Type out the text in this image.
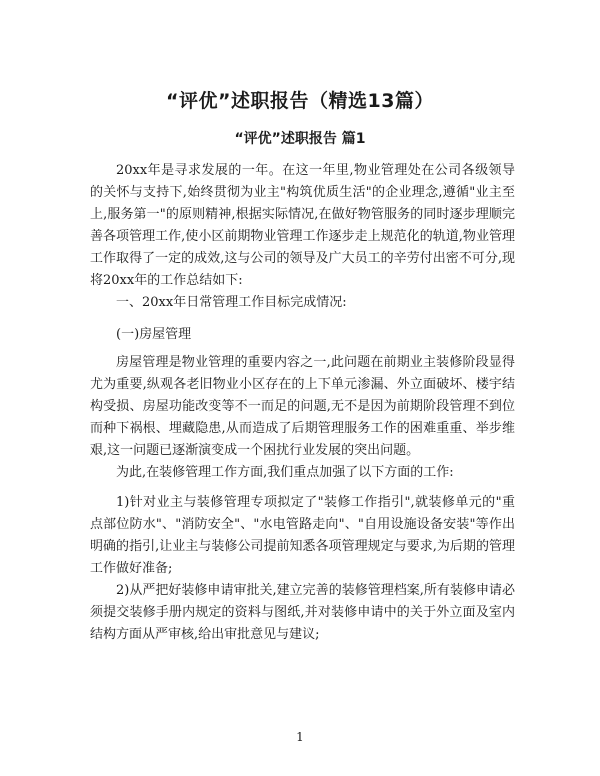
“评优”述职报告（精选13篇）
“评优”述职报告 篇1
20xx年是寻求发展的一年。在这一年里,物业管理处在公司各级领导的关怀与支持下,始终贯彻为业主"构筑优质生活"的企业理念,遵循"业主至上,服务第一"的原则精神,根据实际情况,在做好物管服务的同时逐步理顺完善各项管理工作,使小区前期物业管理工作逐步走上规范化的轨道,物业管理工作取得了一定的成效,这与公司的领导及广大员工的辛劳付出密不可分,现将20xx年的工作总结如下:
一、20xx年日常管理工作目标完成情况:
(一)房屋管理
房屋管理是物业管理的重要内容之一,此问题在前期业主装修阶段显得尤为重要,纵观各老旧物业小区存在的上下单元渗漏、外立面破坏、楼宇结构受损、房屋功能改变等不一而足的问题,无不是因为前期阶段管理不到位而种下祸根、埋藏隐患,从而造成了后期管理服务工作的困难重重、举步维艰,这一问题已逐渐演变成一个困扰行业发展的突出问题。
为此,在装修管理工作方面,我们重点加强了以下方面的工作:
1)针对业主与装修管理专项拟定了"装修工作指引",就装修单元的"重点部位防水"、"消防安全"、"水电管路走向"、"自用设施设备安装"等作出明确的指引,让业主与装修公司提前知悉各项管理规定与要求,为后期的管理工作做好准备;
2)从严把好装修申请审批关,建立完善的装修管理档案,所有装修申请必须提交装修手册内规定的资料与图纸,并对装修申请中的关于外立面及室内结构方面从严审核,给出审批意见与建议;
1
